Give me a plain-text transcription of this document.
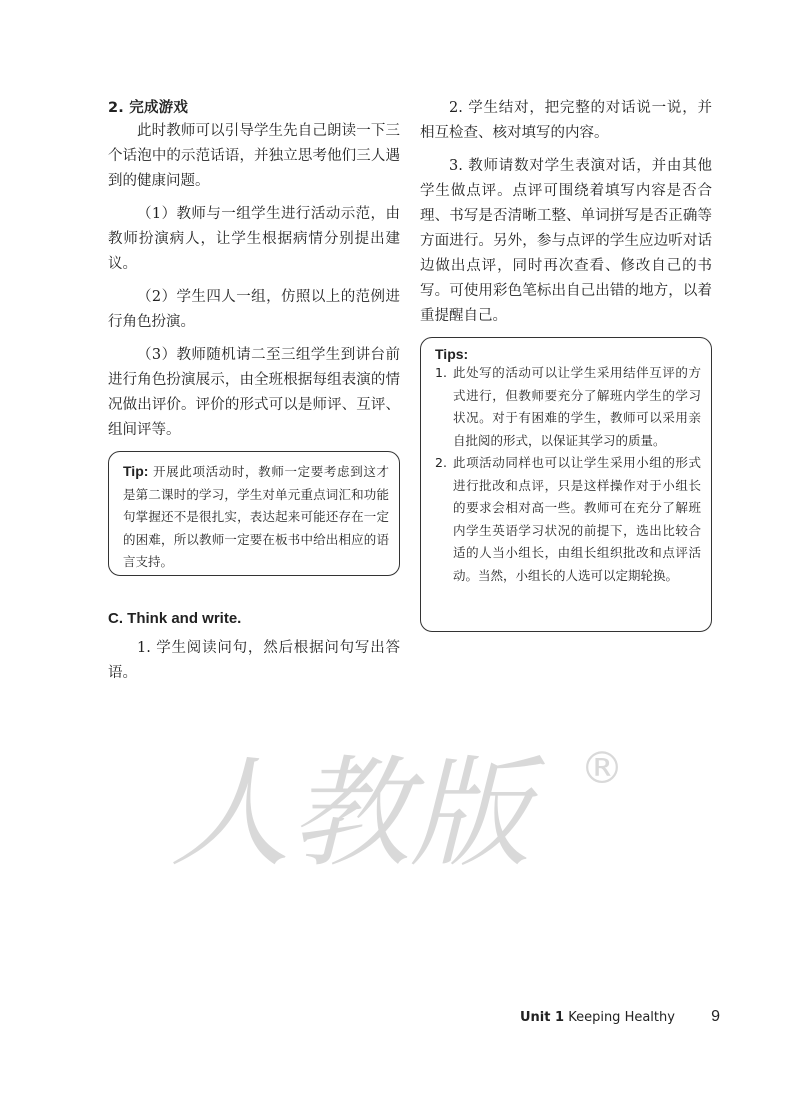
2. 完成游戏

此时教师可以引导学生先自己朗读一下三个话泡中的示范话语，并独立思考他们三人遇到的健康问题。

（1）教师与一组学生进行活动示范，由教师扮演病人，让学生根据病情分别提出建议。

（2）学生四人一组，仿照以上的范例进行角色扮演。

（3）教师随机请二至三组学生到讲台前进行角色扮演展示，由全班根据每组表演的情况做出评价。评价的形式可以是师评、互评、组间评等。

Tip: 开展此项活动时，教师一定要考虑到这才是第二课时的学习，学生对单元重点词汇和功能句掌握还不是很扎实，表达起来可能还存在一定的困难，所以教师一定要在板书中给出相应的语言支持。

C. Think and write.

1. 学生阅读问句，然后根据问句写出答语。

2. 学生结对，把完整的对话说一说，并相互检查、核对填写的内容。

3. 教师请数对学生表演对话，并由其他学生做点评。点评可围绕着填写内容是否合理、书写是否清晰工整、单词拼写是否正确等方面进行。另外，参与点评的学生应边听对话边做出点评，同时再次查看、修改自己的书写。可使用彩色笔标出自己出错的地方，以着重提醒自己。

Tips:
1. 此处写的活动可以让学生采用结伴互评的方式进行，但教师要充分了解班内学生的学习状况。对于有困难的学生，教师可以采用亲自批阅的形式，以保证其学习的质量。
2. 此项活动同样也可以让学生采用小组的形式进行批改和点评，只是这样操作对于小组长的要求会相对高一些。教师可在充分了解班内学生英语学习状况的前提下，选出比较合适的人当小组长，由组长组织批改和点评活动。当然，小组长的人选可以定期轮换。
人教版	®
Unit 1 Keeping Healthy 9
